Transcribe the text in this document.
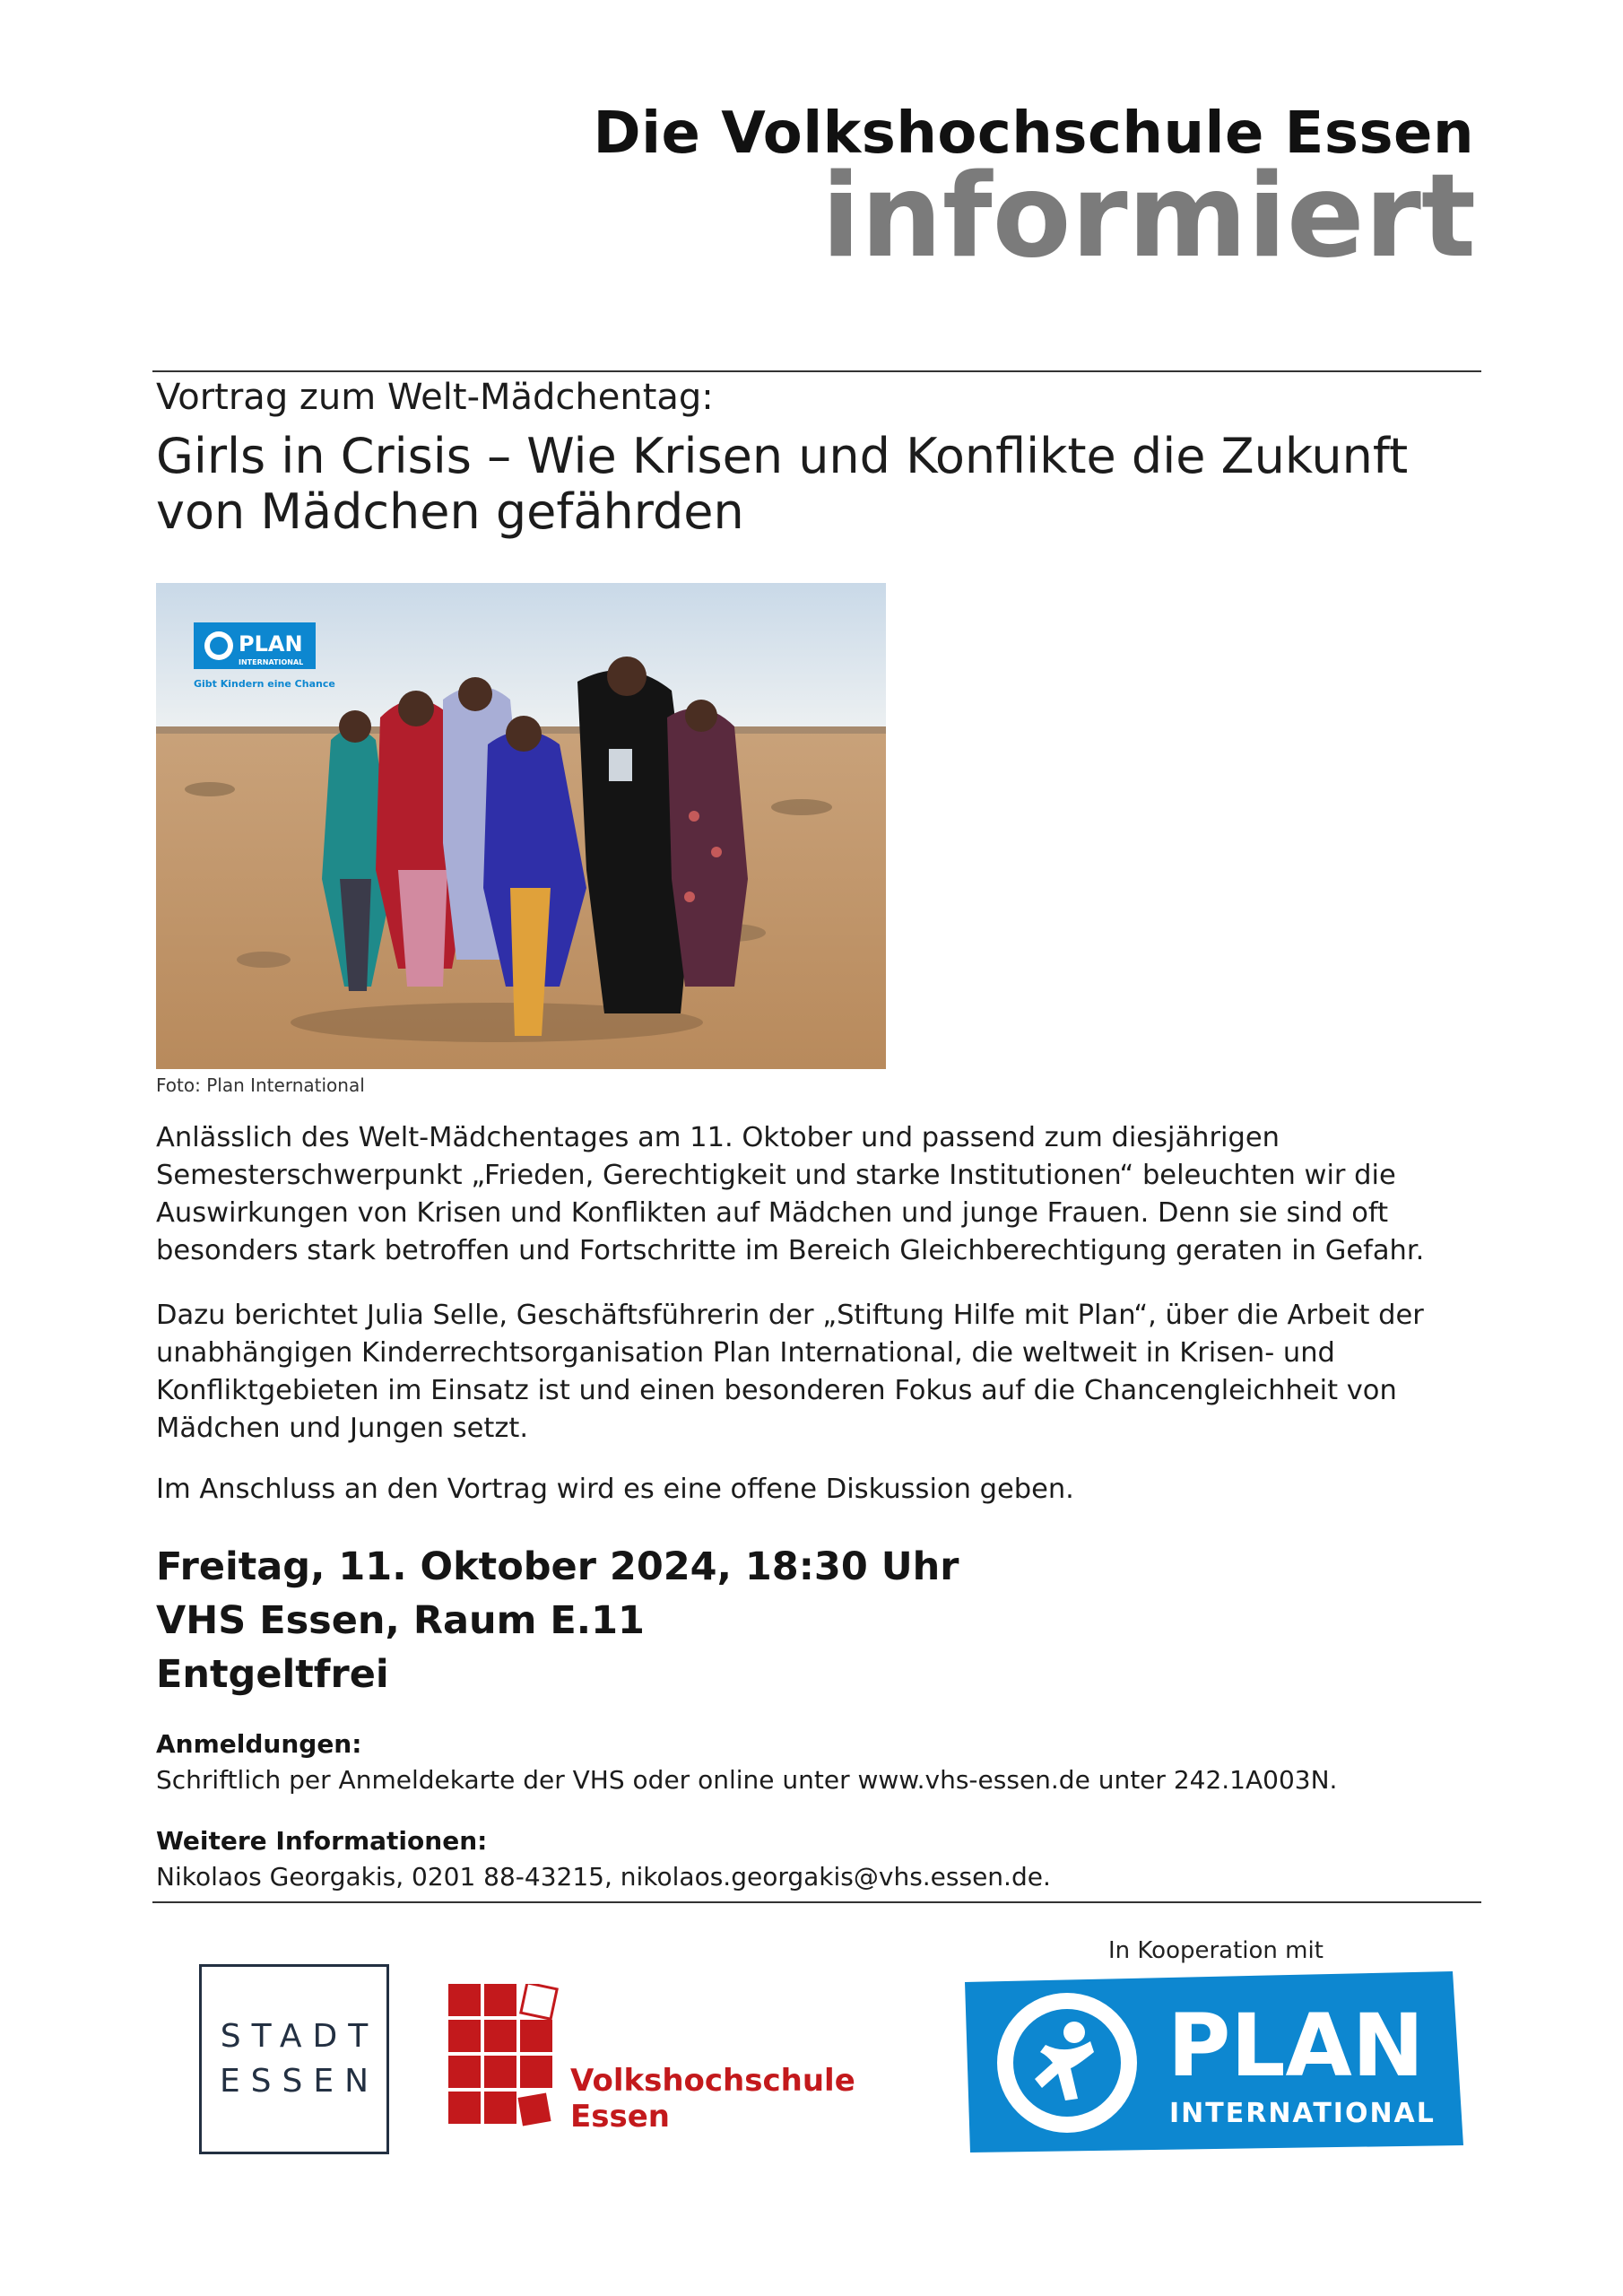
Die Volkshochschule Essen
informiert
Vortrag zum Welt-Mädchentag:
Girls in Crisis – Wie Krisen und Konflikte die Zukunft von Mädchen gefährden
PLAN
INTERNATIONAL
Gibt Kindern eine Chance
Foto: Plan International
Anlässlich des Welt-Mädchentages am 11. Oktober und passend zum diesjährigen Semesterschwerpunkt „Frieden, Gerechtigkeit und starke Institutionen“ beleuchten wir die Auswirkungen von Krisen und Konflikten auf Mädchen und junge Frauen. Denn sie sind oft besonders stark betroffen und Fortschritte im Bereich Gleichberechtigung geraten in Gefahr.
Dazu berichtet Julia Selle, Geschäftsführerin der „Stiftung Hilfe mit Plan“, über die Arbeit der unabhängigen Kinderrechtsorganisation Plan International, die weltweit in Krisen- und Konfliktgebieten im Einsatz ist und einen besonderen Fokus auf die Chancengleichheit von Mädchen und Jungen setzt.
Im Anschluss an den Vortrag wird es eine offene Diskussion geben.
Freitag, 11. Oktober 2024, 18:30 Uhr
VHS Essen, Raum E.11
Entgeltfrei
Anmeldungen:
Schriftlich per Anmeldekarte der VHS oder online unter www.vhs-essen.de unter 242.1A003N.
Weitere Informationen:
Nikolaos Georgakis, 0201 88-43215, nikolaos.georgakis@vhs.essen.de.
STADT
ESSEN	Volkshochschule
Essen
In Kooperation mit
PLAN
INTERNATIONAL
